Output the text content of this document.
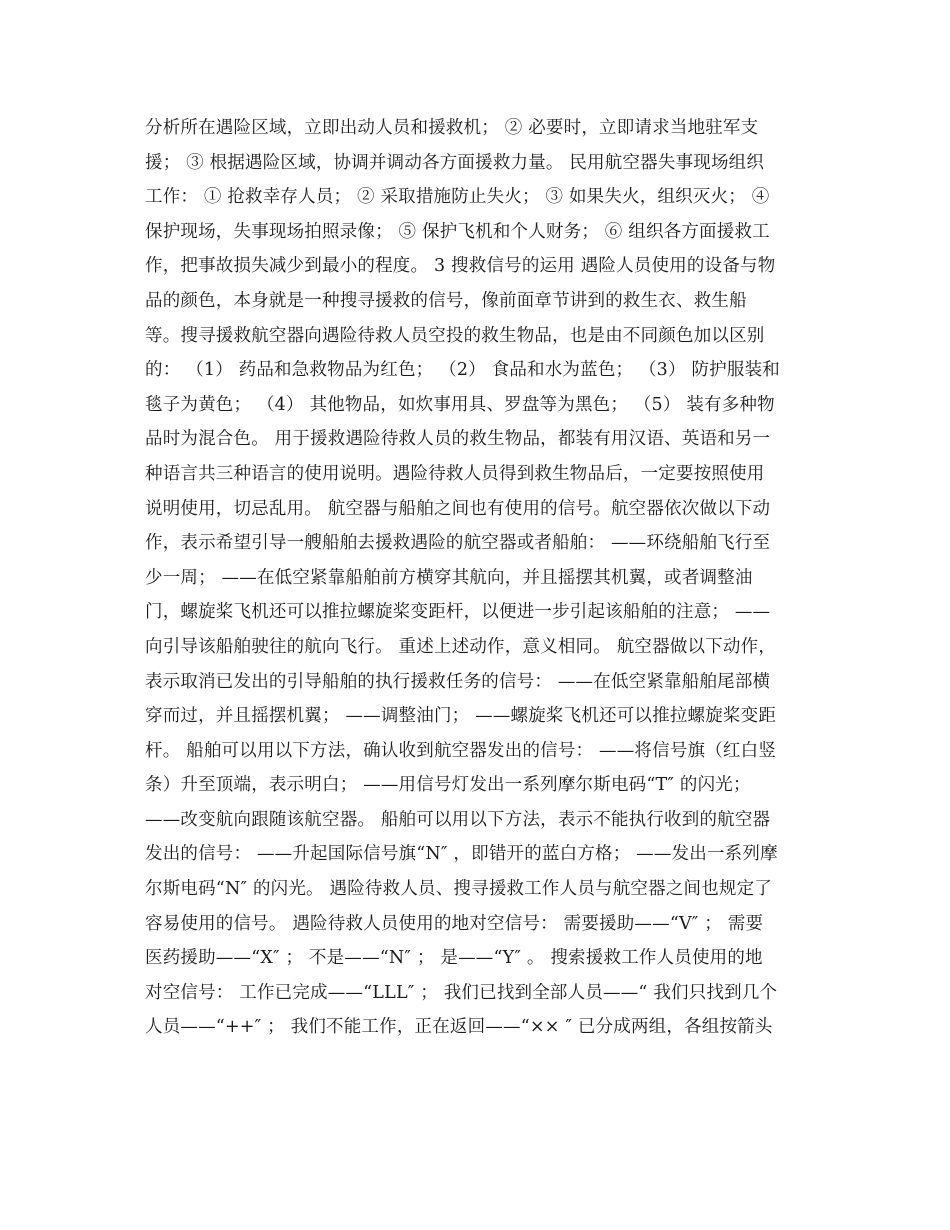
分析所在遇险区域，立即出动人员和援救机； ② 必要时，立即请求当地驻军支
援； ③ 根据遇险区域，协调并调动各方面援救力量。 民用航空器失事现场组织
工作： ① 抢救幸存人员； ② 采取措施防止失火； ③ 如果失火，组织灭火； ④
保护现场，失事现场拍照录像； ⑤ 保护飞机和个人财务； ⑥ 组织各方面援救工
作，把事故损失减少到最小的程度。 3 搜救信号的运用 遇险人员使用的设备与物
品的颜色，本身就是一种搜寻援救的信号，像前面章节讲到的救生衣、救生船
等。搜寻援救航空器向遇险待救人员空投的救生物品，也是由不同颜色加以区别
的： （1） 药品和急救物品为红色； （2） 食品和水为蓝色； （3） 防护服装和
毯子为黄色； （4） 其他物品，如炊事用具、罗盘等为黑色； （5） 装有多种物
品时为混合色。 用于援救遇险待救人员的救生物品，都装有用汉语、英语和另一
种语言共三种语言的使用说明。遇险待救人员得到救生物品后，一定要按照使用
说明使用，切忌乱用。 航空器与船舶之间也有使用的信号。航空器依次做以下动
作，表示希望引导一艘船舶去援救遇险的航空器或者船舶： ——环绕船舶飞行至
少一周； ——在低空紧靠船舶前方横穿其航向，并且摇摆其机翼，或者调整油
门，螺旋桨飞机还可以推拉螺旋桨变距杆，以便进一步引起该船舶的注意； ——
向引导该船舶驶往的航向飞行。 重述上述动作，意义相同。 航空器做以下动作，
表示取消已发出的引导船舶的执行援救任务的信号： ——在低空紧靠船舶尾部横
穿而过，并且摇摆机翼； ——调整油门； ——螺旋桨飞机还可以推拉螺旋桨变距
杆。 船舶可以用以下方法，确认收到航空器发出的信号： ——将信号旗（红白竖
条）升至顶端，表示明白； ——用信号灯发出一系列摩尔斯电码“T″ 的闪光；
——改变航向跟随该航空器。 船舶可以用以下方法，表示不能执行收到的航空器
发出的信号： ——升起国际信号旗“N″ ，即错开的蓝白方格； ——发出一系列摩
尔斯电码“N″ 的闪光。 遇险待救人员、搜寻援救工作人员与航空器之间也规定了
容易使用的信号。 遇险待救人员使用的地对空信号： 需要援助——“V″ ； 需要
医药援助——“X″ ； 不是——“N″ ； 是——“Y″ 。 搜索援救工作人员使用的地
对空信号： 工作已完成——“LLL″ ； 我们已找到全部人员——“ 我们只找到几个
人员——“++″ ； 我们不能工作，正在返回——“×× ″ 已分成两组，各组按箭头
